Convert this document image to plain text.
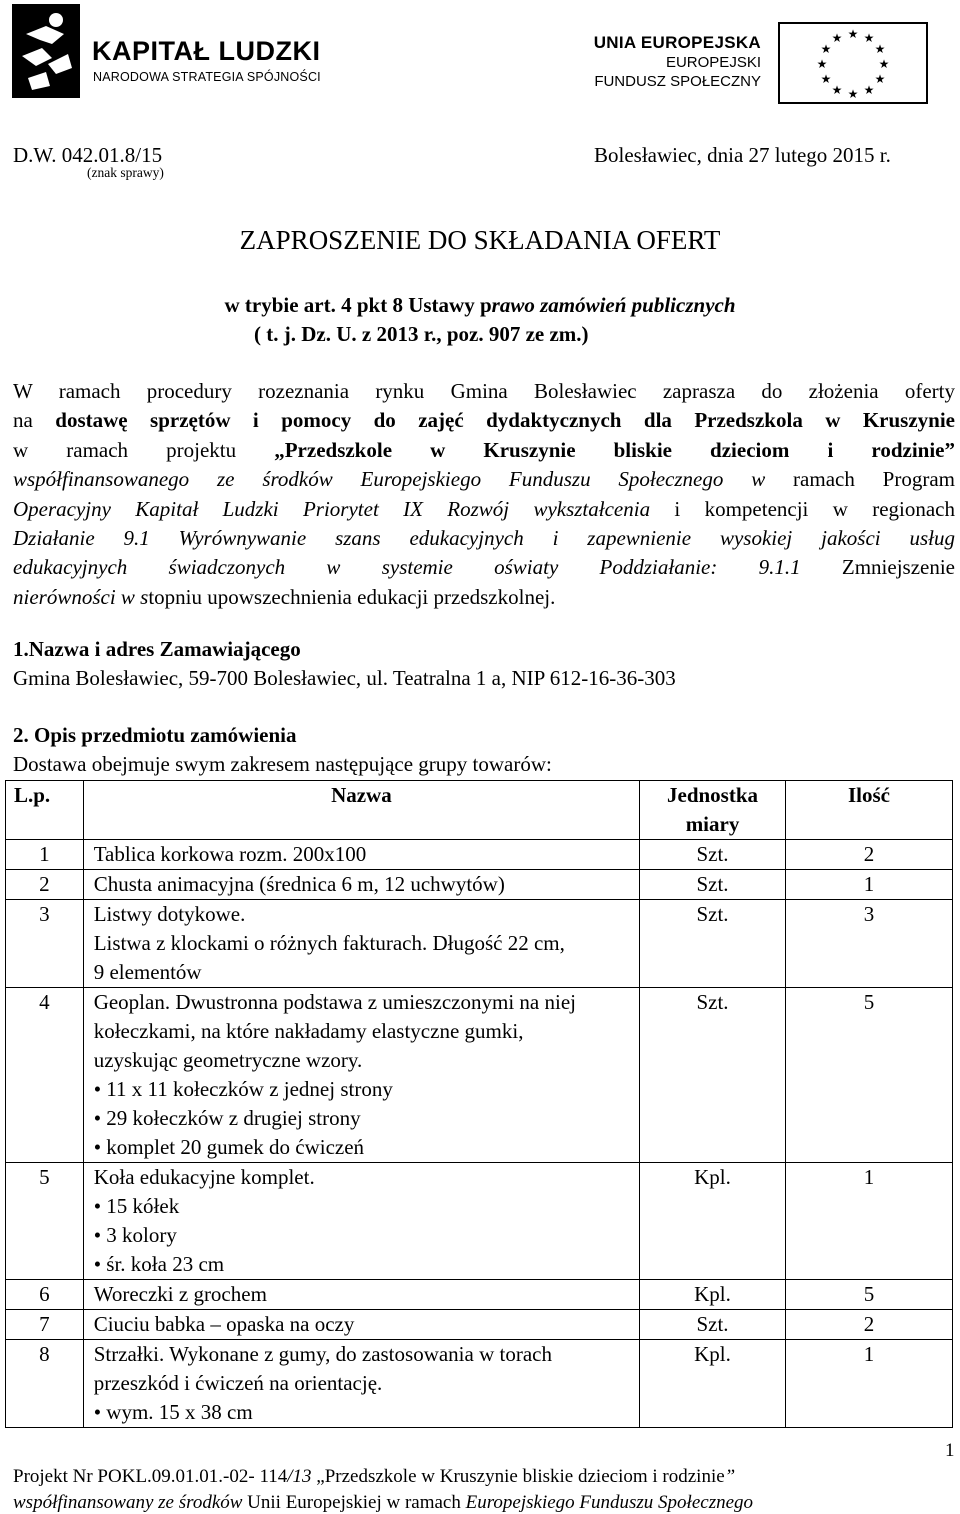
KAPITAŁ LUDZKI
NARODOWA STRATEGIA SPÓJNOŚCI
UNIA EUROPEJSKA
EUROPEJSKI
FUNDUSZ SPOŁECZNY
★ ★
★
★
★
★
★
★
★
★
★
★
D.W. 042.01.8/15
(znak sprawy)
Bolesławiec, dnia 27 lutego 2015 r.
ZAPROSZENIE DO SKŁADANIA OFERT
w trybie art. 4 pkt 8 Ustawy prawo zamówień publicznych
( t. j. Dz. U. z 2013 r., poz. 907 ze zm.)
W ramach procedury rozeznania rynku Gmina Bolesławiec zaprasza do złożenia oferty
na dostawę sprzętów i pomocy do zajęć dydaktycznych dla Przedszkola w Kruszynie
w ramach projektu „Przedszkole w Kruszynie bliskie dzieciom i rodzinie”
współfinansowanego ze środków Europejskiego Funduszu Społecznego w ramach Program
Operacyjny Kapitał Ludzki Priorytet IX Rozwój wykształcenia i kompetencji w regionach
Działanie 9.1 Wyrównywanie szans edukacyjnych i zapewnienie wysokiej jakości usług
edukacyjnych świadczonych w systemie oświaty Poddziałanie: 9.1.1 Zmniejszenie
nierówności w stopniu upowszechnienia edukacji przedszkolnej.
1.Nazwa i adres Zamawiającego
Gmina Bolesławiec, 59-700 Bolesławiec, ul. Teatralna 1 a, NIP 612-16-36-303
2. Opis przedmiotu zamówienia
Dostawa obejmuje swym zakresem następujące grupy towarów:
L.p.	Nazwa	Jednostka miary	Ilość
1	Tablica korkowa rozm. 200x100	Szt.	2
2	Chusta animacyjna (średnica 6 m, 12 uchwytów)	Szt.	1
3	Listwy dotykowe.
Listwa z klockami o różnych fakturach. Długość 22 cm, 9 elementów	Szt.	3
4	Geoplan. Dwustronna podstawa z umieszczonymi na niej kołeczkami, na które nakładamy elastyczne gumki, uzyskując geometryczne wzory.
• 11 x 11 kołeczków z jednej strony
• 29 kołeczków z drugiej strony
• komplet 20 gumek do ćwiczeń	Szt.	5
5	Koła edukacyjne komplet.
• 15 kółek
• 3 kolory
• śr. koła 23 cm	Kpl.	1
6	Woreczki z grochem	Kpl.	5
7	Ciuciu babka – opaska na oczy	Szt.	2
8	Strzałki. Wykonane z gumy, do zastosowania w torach przeszkód i ćwiczeń na orientację.
• wym. 15 x 38 cm	Kpl.	1
1
Projekt Nr POKL.09.01.01.-02- 114/13 „Przedszkole w Kruszynie bliskie dzieciom i rodzinie”
współfinansowany ze środków Unii Europejskiej w ramach Europejskiego Funduszu Społecznego
